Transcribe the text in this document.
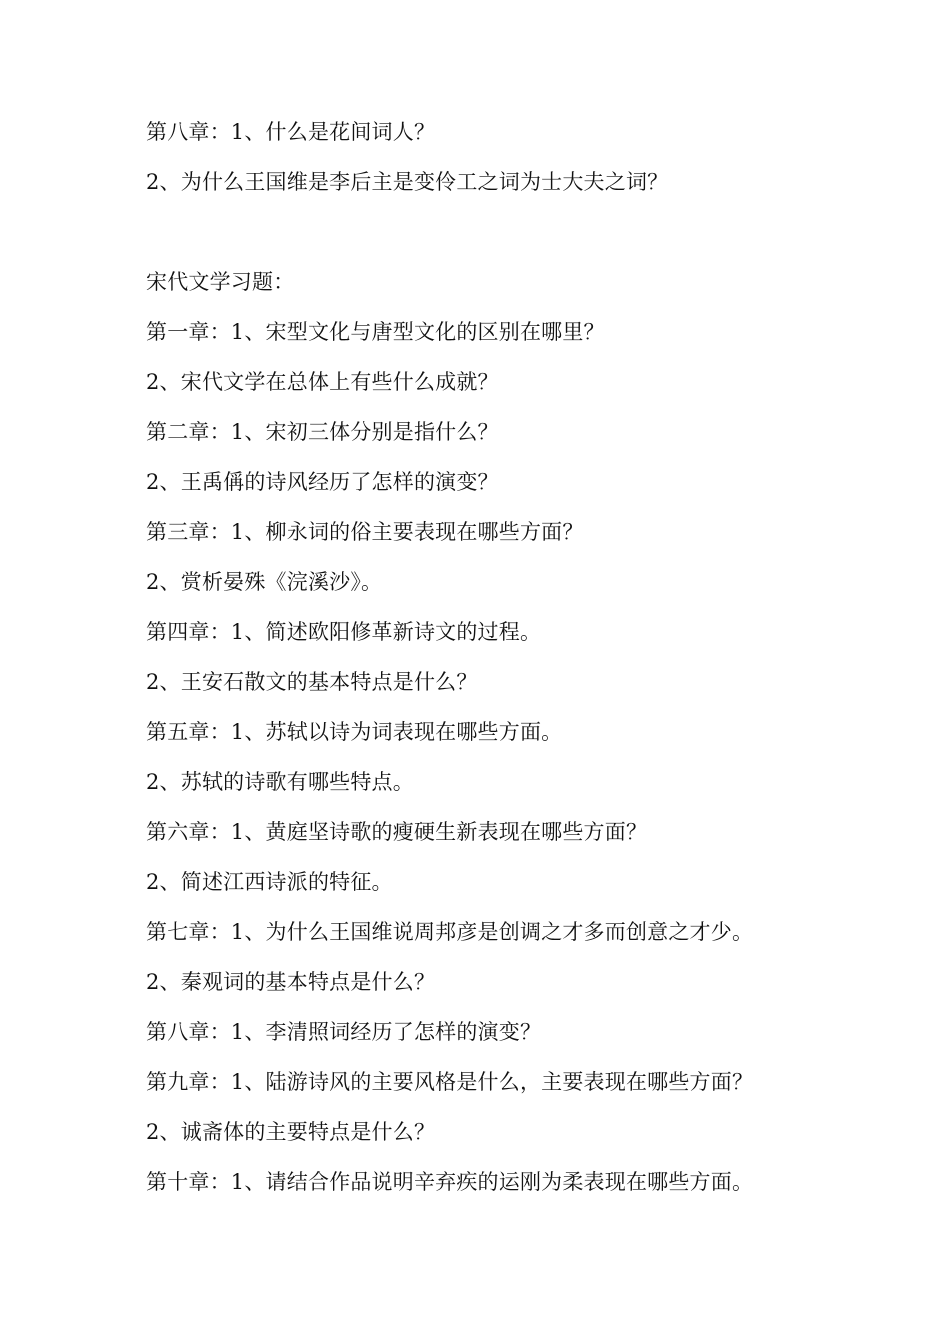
第八章：1、什么是花间词人？
2、为什么王国维是李后主是变伶工之词为士大夫之词？
宋代文学习题：
第一章：1、宋型文化与唐型文化的区别在哪里？
2、宋代文学在总体上有些什么成就？
第二章：1、宋初三体分别是指什么？
2、王禹偁的诗风经历了怎样的演变？
第三章：1、柳永词的俗主要表现在哪些方面？
2、赏析晏殊《浣溪沙》。
第四章：1、简述欧阳修革新诗文的过程。
2、王安石散文的基本特点是什么？
第五章：1、苏轼以诗为词表现在哪些方面。
2、苏轼的诗歌有哪些特点。
第六章：1、黄庭坚诗歌的瘦硬生新表现在哪些方面？
2、简述江西诗派的特征。
第七章：1、为什么王国维说周邦彦是创调之才多而创意之才少。
2、秦观词的基本特点是什么？
第八章：1、李清照词经历了怎样的演变？
第九章：1、陆游诗风的主要风格是什么，主要表现在哪些方面？
2、诚斋体的主要特点是什么？
第十章：1、请结合作品说明辛弃疾的运刚为柔表现在哪些方面。
